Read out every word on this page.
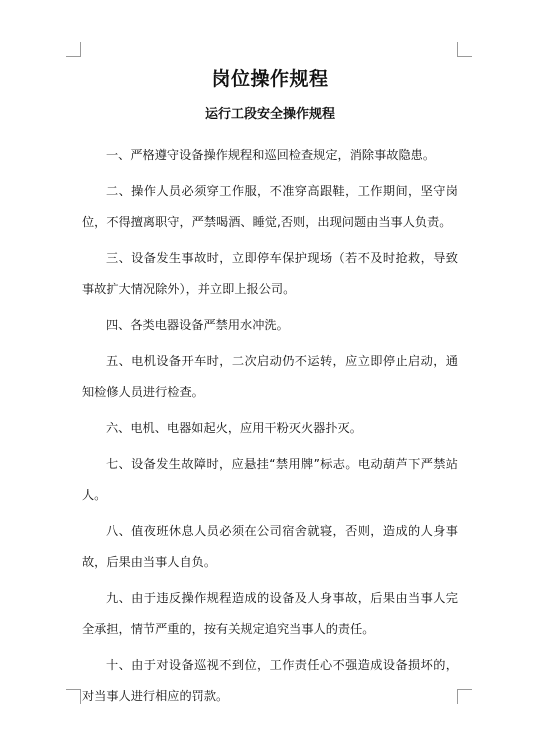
岗位操作规程
运行工段安全操作规程

一、严格遵守设备操作规程和巡回检查规定，消除事故隐患。

二、操作人员必须穿工作服，不准穿高跟鞋，工作期间，坚守岗位，不得擅离职守，严禁喝酒、睡觉,否则，出现问题由当事人负责。

三、设备发生事故时，立即停车保护现场（若不及时抢救，导致事故扩大情况除外），并立即上报公司。

四、各类电器设备严禁用水冲洗。

五、电机设备开车时，二次启动仍不运转，应立即停止启动，通知检修人员进行检查。

六、电机、电器如起火，应用干粉灭火器扑灭。

七、设备发生故障时，应悬挂“禁用牌”标志。电动葫芦下严禁站人。

八、值夜班休息人员必须在公司宿舍就寝，否则，造成的人身事故，后果由当事人自负。

九、由于违反操作规程造成的设备及人身事故，后果由当事人完全承担，情节严重的，按有关规定追究当事人的责任。

十、由于对设备巡视不到位，工作责任心不强造成设备损坏的，对当事人进行相应的罚款。
